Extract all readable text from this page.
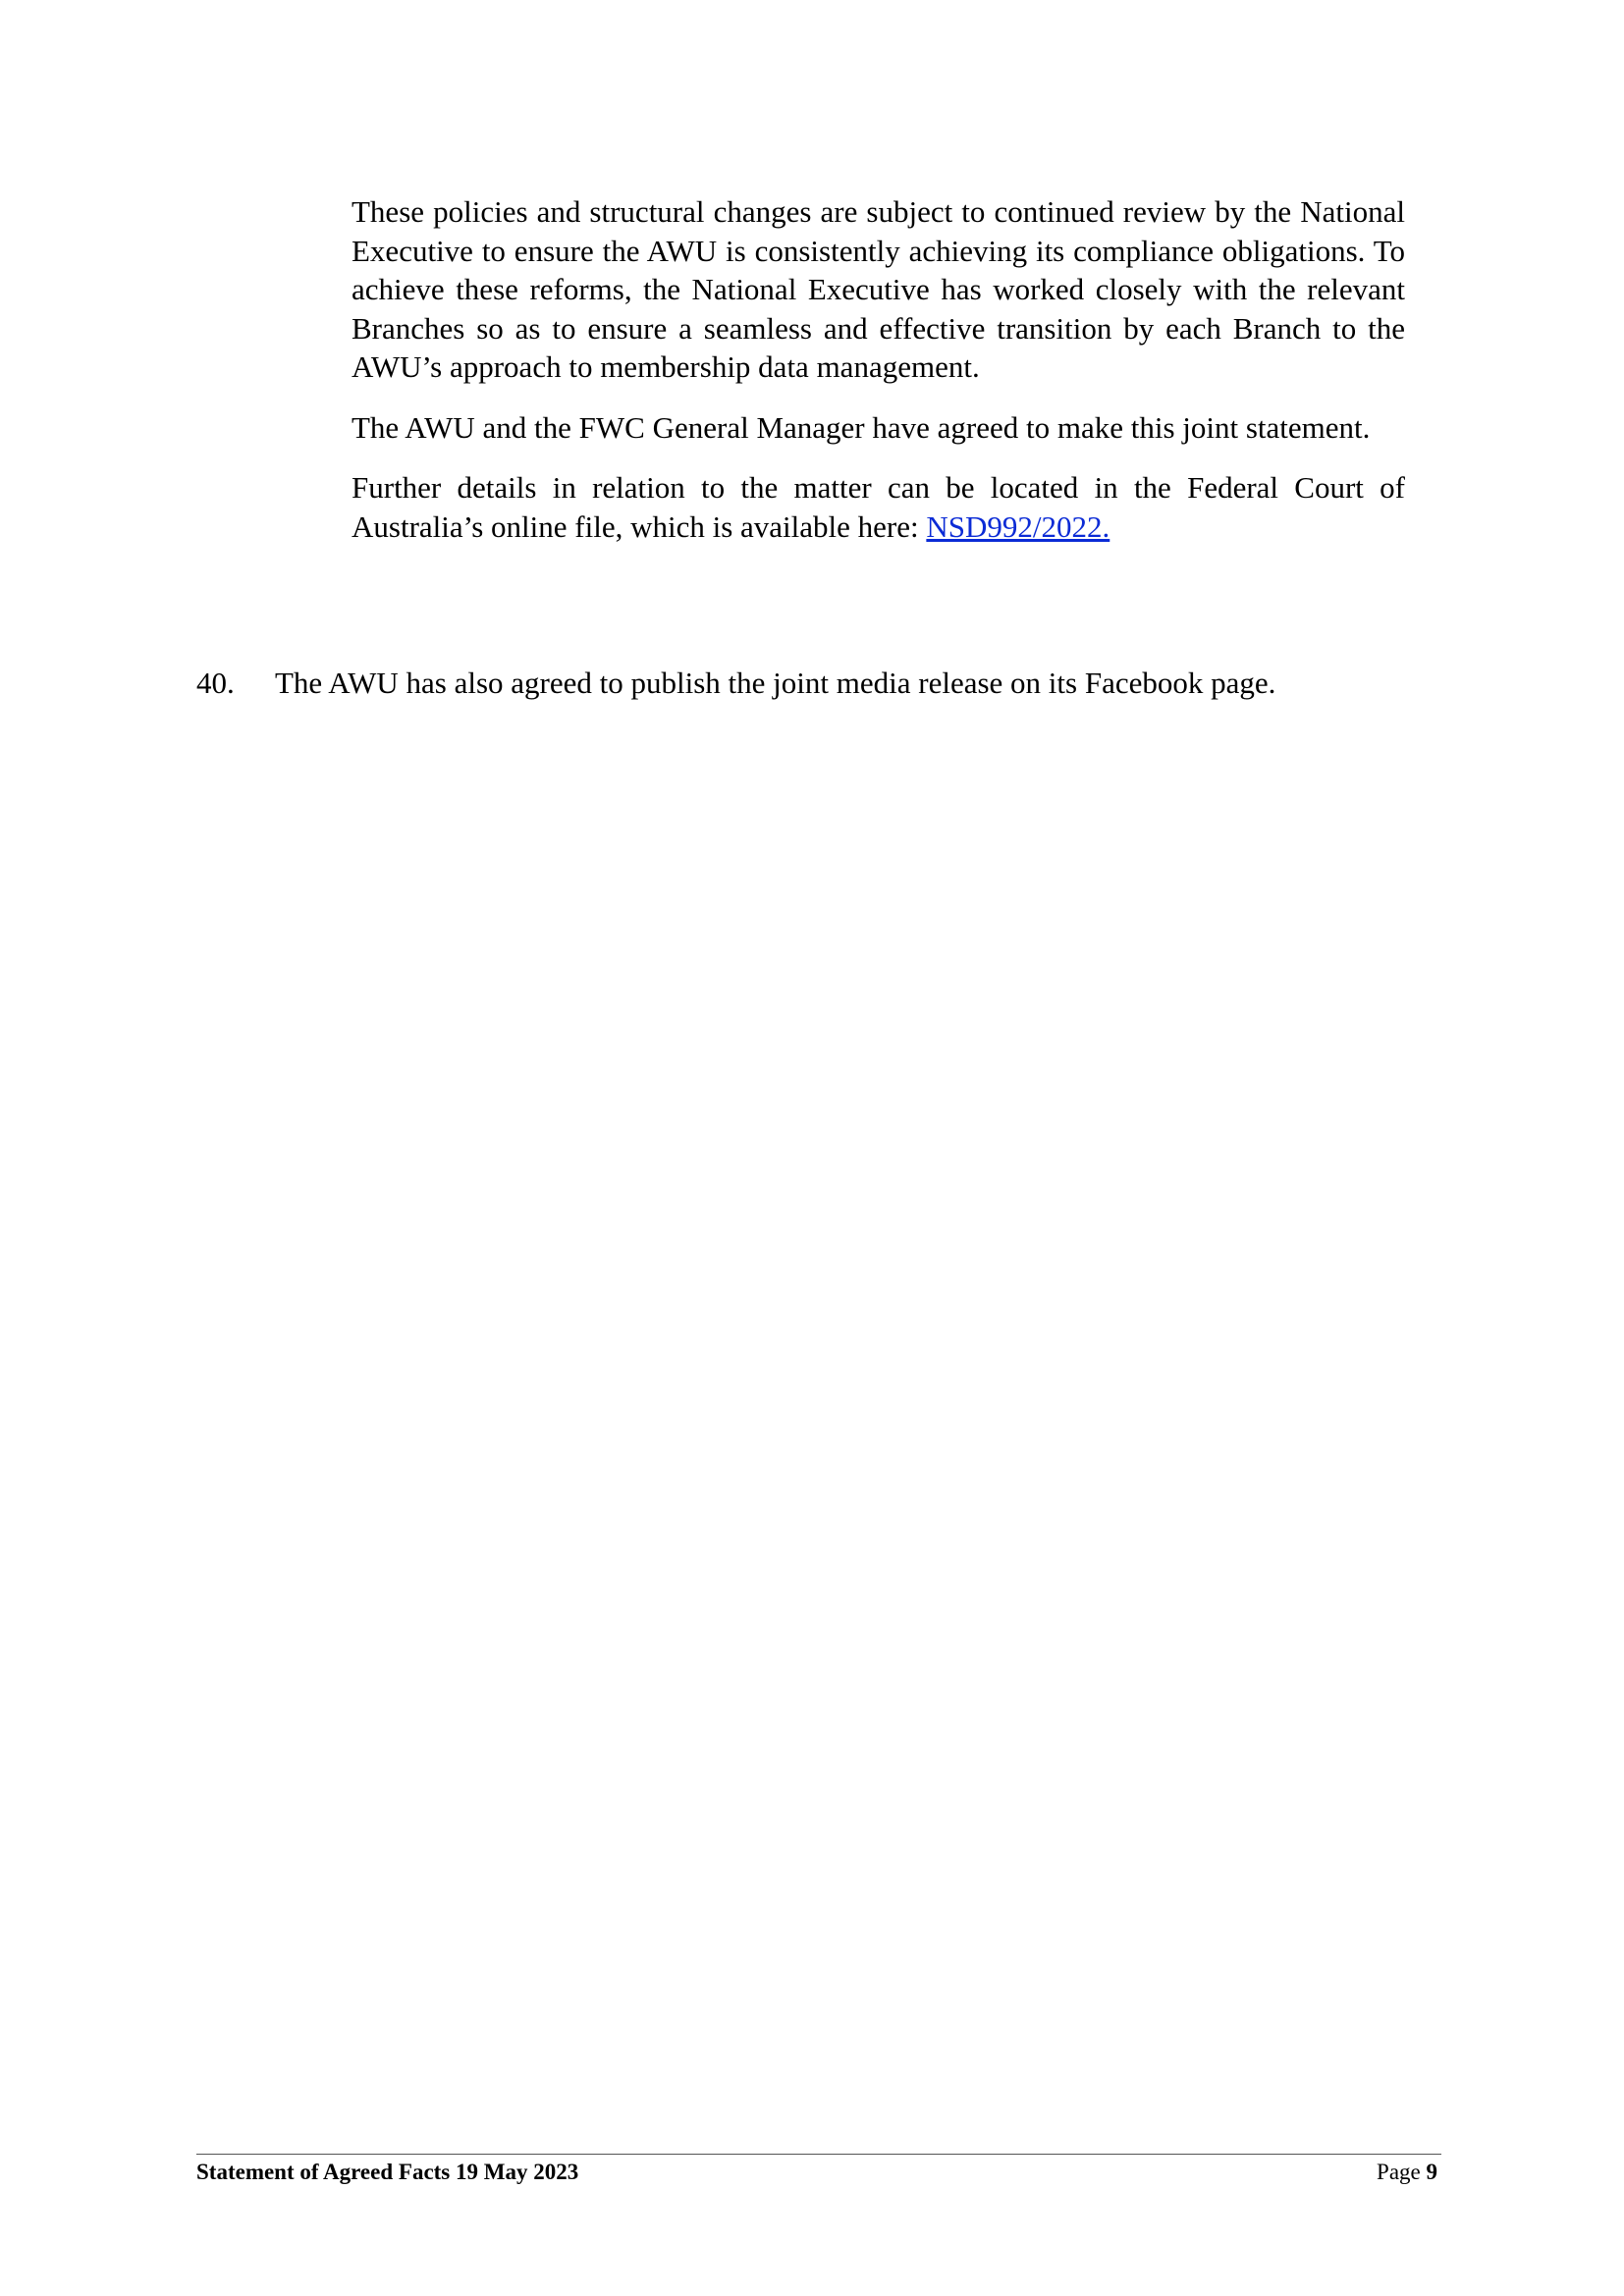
These policies and structural changes are subject to continued review by the National Executive to ensure the AWU is consistently achieving its compliance obligations. To achieve these reforms, the National Executive has worked closely with the relevant Branches so as to ensure a seamless and effective transition by each Branch to the AWU’s approach to membership data management.

The AWU and the FWC General Manager have agreed to make this joint statement.

Further details in relation to the matter can be located in the Federal Court of Australia’s online file, which is available here: NSD992/2022.

40. The AWU has also agreed to publish the joint media release on its Facebook page.
Statement of Agreed Facts 19 May 2023	Page 9
